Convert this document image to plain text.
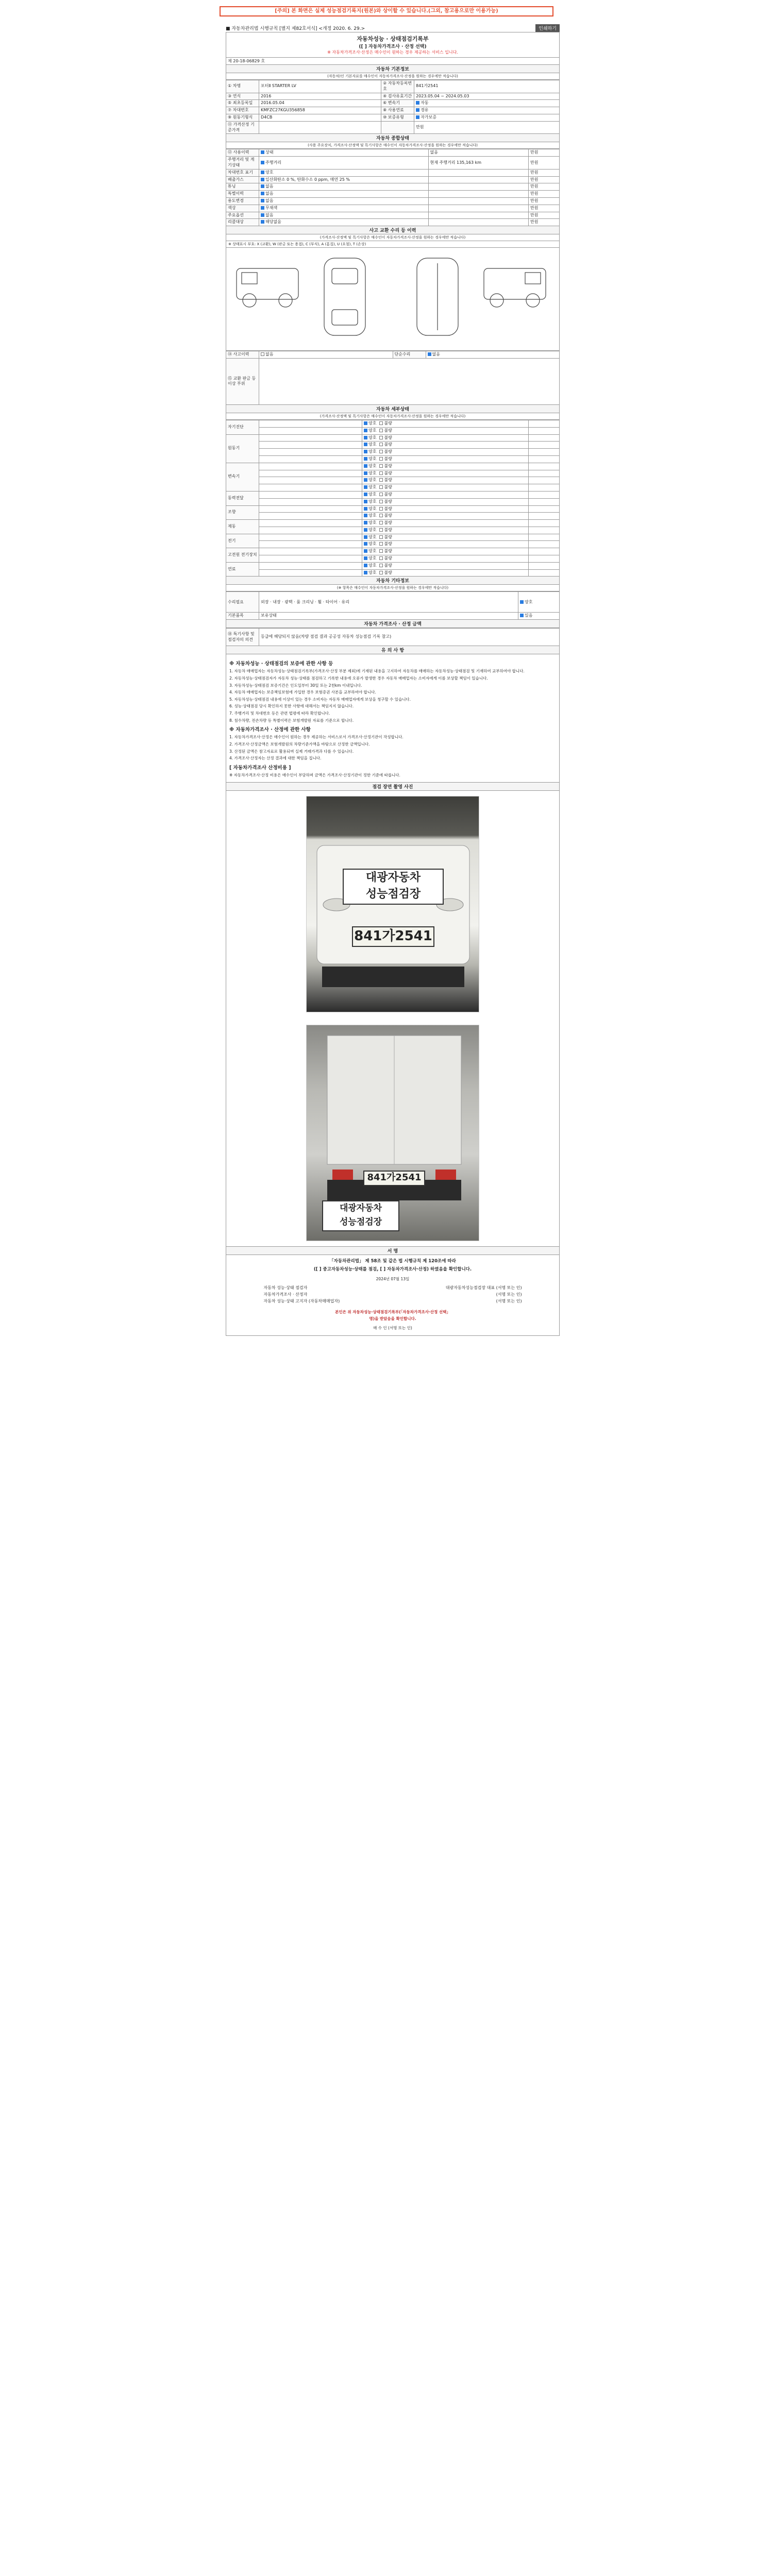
[주의] 본 화면은 실제 성능점검기록지(원본)와 상이할 수 있습니다.(그외, 참고용으로만 이용가능)
■ 자동차관리법 시행규칙 [별지 제82호서식] <개정 2020. 6. 29.>	인쇄하기
자동차성능 · 상태점검기록부
([ ] 자동차가격조사 · 산정 선택)
※ 자동차가격조사·산정은 매수인이 원하는 경우 제공하는 서비스 입니다.
제 20-18-06829 호
자동차 기본정보
(자동차)인 기본자료를 매수인이 자동차가격조사·산정을 원하는 경우에만 적습니다)
① 차명	포터Ⅱ STARTER LV	② 자동차등록번호	841가2541
③ 연식	2016	④ 검사유효기간	2023.05.04 ~ 2024.05.03
⑤ 최초등록일	2016.05.04	⑥ 변속기	자동
⑦ 차대번호	KMFZC27KGU356858	⑧ 사용연료	경유
⑨ 원동기형식	D4CB	⑩ 보증유형	자가보증
⑪ 가격산정 기준가격			만원
자동차 종합상태
(사용 주요장치, 가격조사·산정액 및 특기사항은 매수인이 자동차가격조사·산정을 원하는 경우에만 적습니다)
⑫ 사용이력	상태	없음	만원
주행거리 및 계기상태	주행거리	현재 주행거리 135,163 km	만원
차대번호 표기	양호		만원
배출가스	일산화탄소 0 %, 탄화수소 0 ppm, 매연 25 %		만원
튜닝	없음		만원
특별이력	없음		만원
용도변경	없음		만원
색상	무채색		만원
주요옵션	없음		만원
리콜대상	해당없음		만원
사고 교환 수리 등 이력
(가격조사·산정액 및 특기사항은 매수인이 자동차가격조사·산정을 원하는 경우에만 적습니다)
※ 상태표시 부호: X (교환), W (판금 또는 용접), C (부식), A (흠집), U (요철), T (손상)
⑭ 사고이력	없음	단순수리	없음
⑮ 교환 판금 등 이상 부위			
자동차 세부상태
(가격조사·산정액 및 특기사항은 매수인이 자동차가격조사·산정을 원하는 경우에만 적습니다)
자기진단		양호 불량	
		양호 불량	
원동기		양호 불량	
		양호 불량	
		양호 불량	
		양호 불량	
변속기		양호 불량	
		양호 불량	
		양호 불량	
		양호 불량	
동력전달		양호 불량	
		양호 불량	
조향		양호 불량	
		양호 불량	
제동		양호 불량	
		양호 불량	
전기		양호 불량	
		양호 불량	
고전원 전기장치		양호 불량	
		양호 불량	
연료		양호 불량	
		양호 불량	
자동차 기타정보
(※ 항목은 매수인이 자동차가격조사·산정을 원하는 경우에만 적습니다)
수리필요	외장 · 내장 · 광택 · 룸 크리닝 · 휠 · 타이어 · 유리	양호
기본품목	보유상태	있음
자동차 가격조사 · 산정 금액
⑱ 특기사항 및 점검자의 의견	등급에 해당되지 않음(차량 점검 결과 공공성 자동차 성능점검 기록 참고)
유 의 사 항
※ 자동차성능 · 상태점검의 보증에 관한 사항 등

1. 자동차 매매업자는 자동차성능·상태점검기록부(가격조사·산정 부분 제외)에 기재된 내용을 고지하여 자동차를 매매하는 자동차성능·상태점검 및 기재하여 교부하여야 합니다.

2. 자동차성능·상태점검자가 자동차 성능·상태를 점검하고 기록한 내용에 오류가 발생한 경우 자동차 매매업자는 소비자에게 이를 보상할 책임이 있습니다.

3. 자동차성능·상태점검 보증기간은 인도일부터 30일 또는 2천km 이내입니다.

4. 자동차 매매업자는 보증책임보험에 가입한 경우 보험증권 사본을 교부하여야 합니다.

5. 자동차성능·상태점검 내용에 이상이 있는 경우 소비자는 자동차 매매업자에게 보상을 청구할 수 있습니다.

6. 성능·상태점검 당시 확인하지 못한 사항에 대해서는 책임지지 않습니다.

7. 주행거리 및 차대번호 등은 관련 법령에 따라 확인합니다.

8. 침수차량, 전손차량 등 특별이력은 보험개발원 자료를 기준으로 합니다.

※ 자동차가격조사 · 산정에 관한 사항

1. 자동차가격조사·산정은 매수인이 원하는 경우 제공하는 서비스로서 가격조사·산정기관이 작성합니다.

2. 가격조사·산정금액은 보험개발원의 차량기준가액을 바탕으로 산정한 금액입니다.

3. 산정된 금액은 참고자료로 활용되며 실제 거래가격과 다를 수 있습니다.

4. 가격조사·산정자는 산정 결과에 대한 책임을 집니다.

[ 자동차가격조사 산정비용 ]

※ 자동차가격조사·산정 비용은 매수인이 부담하며 금액은 가격조사·산정기관이 정한 기준에 따릅니다.

점검 장면 촬영 사진
대광자동차
성능점검장
841가2541
841가2541
대광자동차
성능점검장
서 명

「자동차관리법」 제 58조 및 같은 법 시행규칙 제 120조에 따라

([ ] 중고자동차성능·상태를 점검, [ ] 자동차가격조사·산정) 하였음을 확인합니다.

2024년 07월 13일

자동차 성능·상태 점검자	대광자동차성능점검장 대표 (서명 또는 인)
자동차가격조사 · 산정자	(서명 또는 인)
자동차 성능·상태 고지자 (자동차매매업자)	(서명 또는 인)

본인은 위 자동차성능·상태점검기록부(「자동차가격조사·산정 선택」

명)을 받았음을 확인합니다.

매 수 인 (서명 또는 인)
